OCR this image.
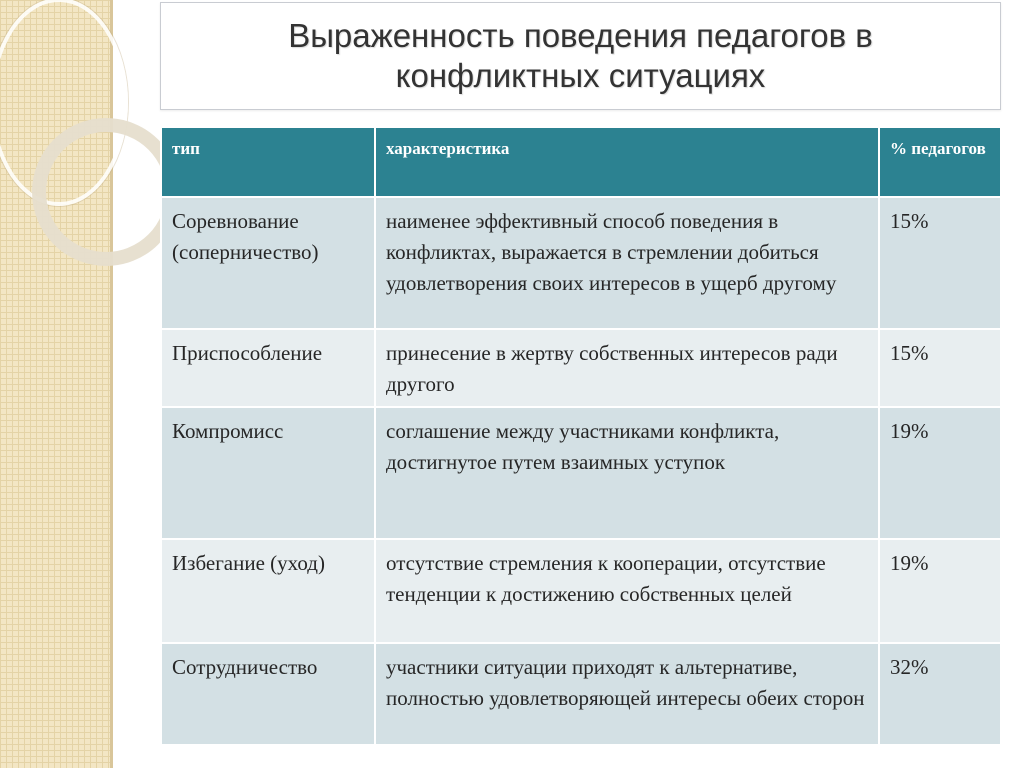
Выраженность поведения педагогов в конфликтных ситуациях
тип	характеристика	% педагогов
Соревнование (соперничество)	наименее эффективный способ поведения в конфликтах, выражается в стремлении добиться удовлетворения своих интересов в ущерб другому	15%
Приспособление	принесение в жертву собственных интересов ради другого	15%
Компромисс	соглашение между участниками конфликта, достигнутое путем взаимных уступок	19%
Избегание (уход)	отсутствие стремления к кооперации, отсутствие тенденции к достижению собственных целей	19%
Сотрудничество	участники ситуации приходят к альтернативе, полностью удовлетворяющей интересы обеих сторон	32%
